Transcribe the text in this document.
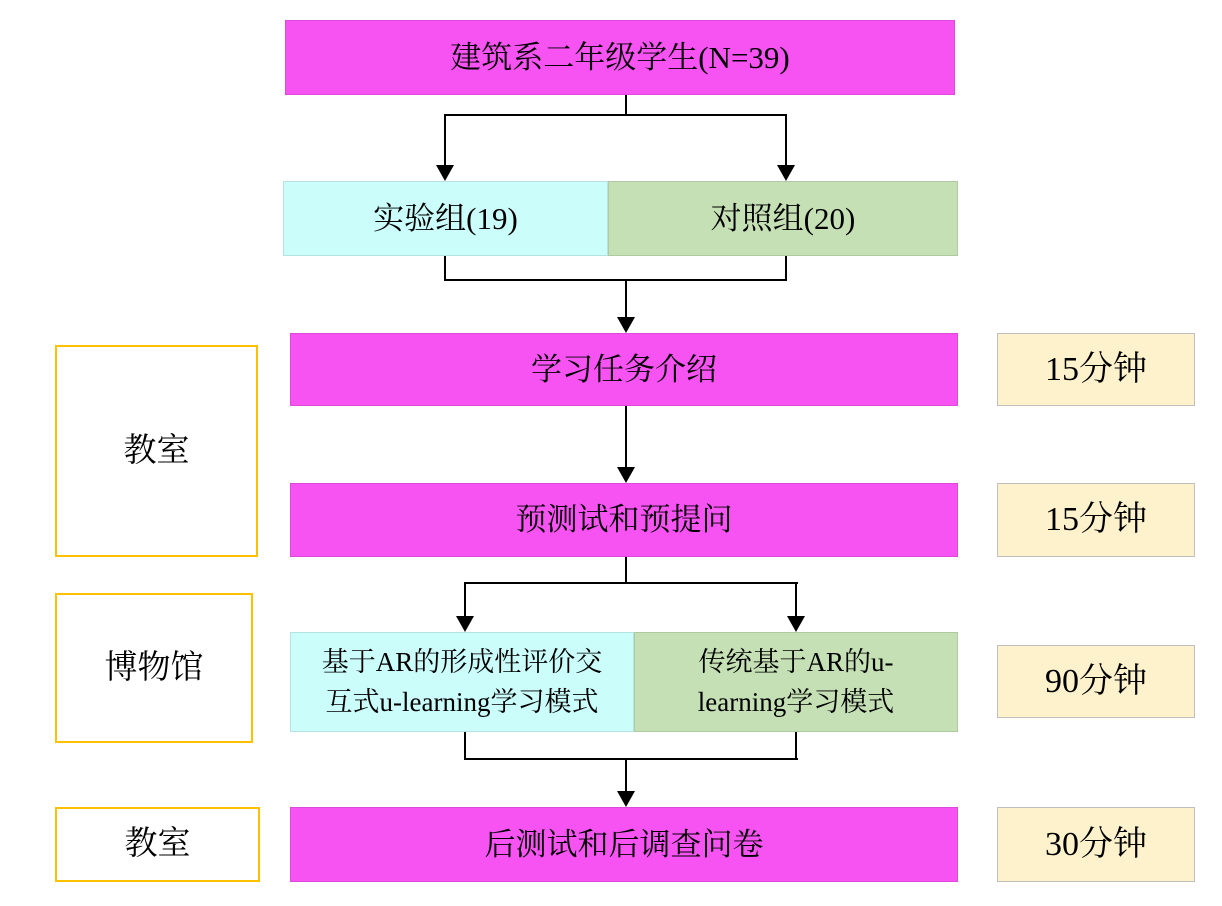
建筑系二年级学生(N=39)
实验组(19)	对照组(20)
学习任务介绍	15分钟
预测试和预提问	15分钟
基于AR的形成性评价交
互式u-learning学习模式
传统基于AR的u-
learning学习模式
90分钟
后测试和后调查问卷	30分钟
教室
博物馆
教室
